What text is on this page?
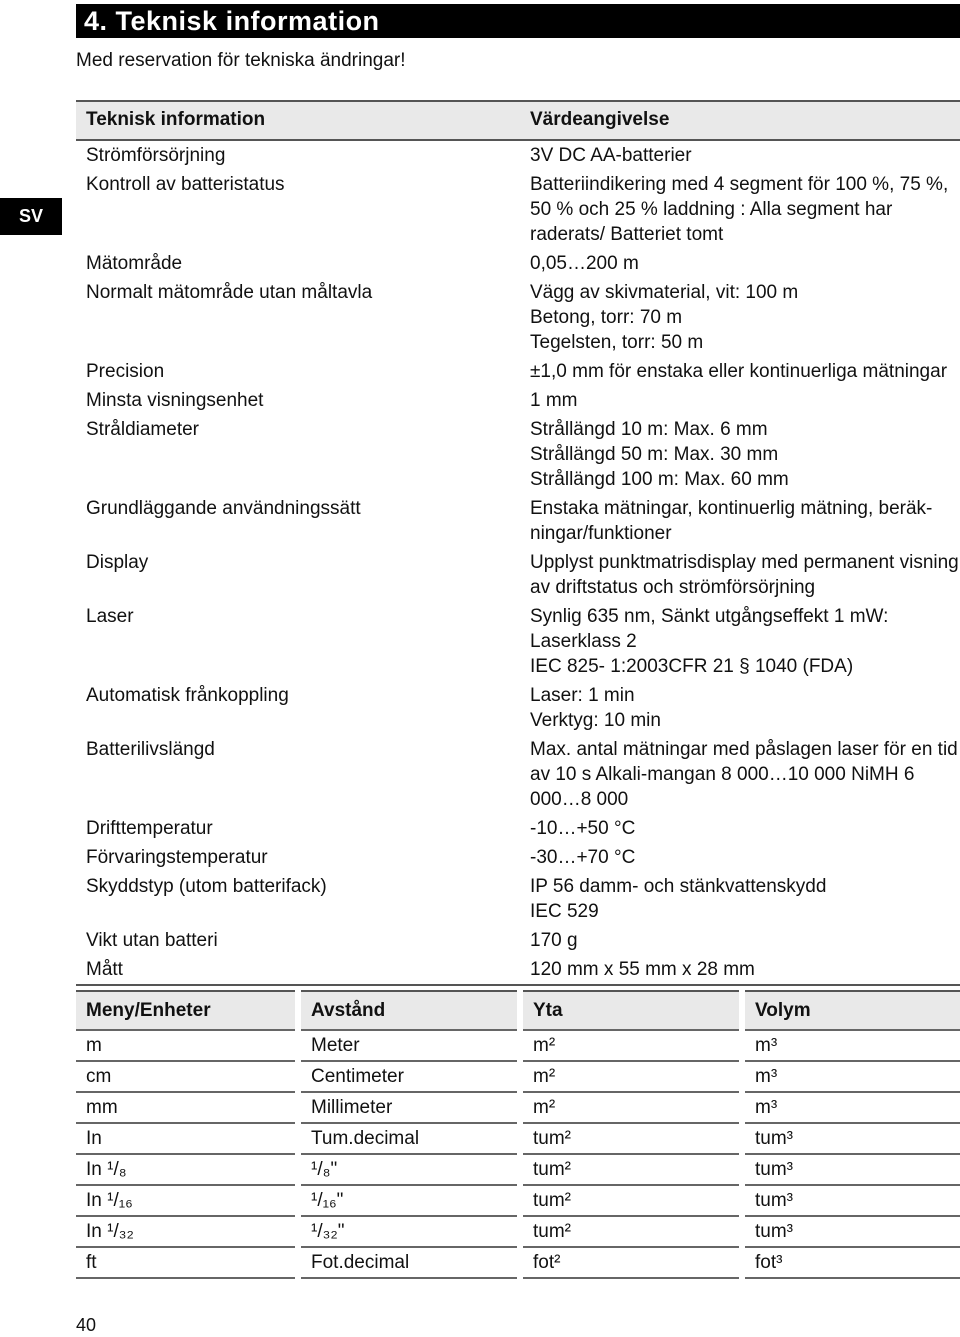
4. Teknisk information
Med reservation för tekniska ändringar!
SV
Teknisk information	Värdeangivelse
Strömförsörjning	3V DC AA-batterier
Kontroll av batteristatus	Batteriindikering med 4 segment för 100 %, 75 %, 50 % och 25 % laddning : Alla segment har raderats/ Batteriet tomt
Mätområde	0,05…200 m
Normalt mätområde utan måltavla	Vägg av skivmaterial, vit: 100 m
Betong, torr: 70 m
Tegelsten, torr: 50 m
Precision	±1,0 mm för enstaka eller kontinuerliga mätningar
Minsta visningsenhet	1 mm
Stråldiameter	Strållängd 10 m: Max. 6 mm
Strållängd 50 m: Max. 30 mm
Strållängd 100 m: Max. 60 mm
Grundläggande användningssätt	Enstaka mätningar, kontinuerlig mätning, beräk-ningar/funktioner
Display	Upplyst punktmatrisdisplay med permanent visning av driftstatus och strömförsörjning
Laser	Synlig 635 nm, Sänkt utgångseffekt 1 mW: Laserklass 2
IEC 825- 1:2003CFR 21 § 1040 (FDA)
Automatisk frånkoppling	Laser: 1 min
Verktyg: 10 min
Batterilivslängd	Max. antal mätningar med påslagen laser för en tid av 10 s Alkali-mangan 8 000…10 000 NiMH 6 000…8 000
Drifttemperatur	-10…+50 °C
Förvaringstemperatur	-30…+70 °C
Skyddstyp (utom batterifack)	IP 56 damm- och stänkvattenskydd
IEC 529
Vikt utan batteri	170 g
Mått	120 mm x 55 mm x 28 mm
Meny/Enheter	Avstånd	Yta	Volym
m	Meter	m²	m³
cm	Centimeter	m²	m³
mm	Millimeter	m²	m³
In	Tum.decimal	tum²	tum³
In ¹/₈	¹/₈"	tum²	tum³
In ¹/₁₆	¹/₁₆"	tum²	tum³
In ¹/₃₂	¹/₃₂"	tum²	tum³
ft	Fot.decimal	fot²	fot³
40
